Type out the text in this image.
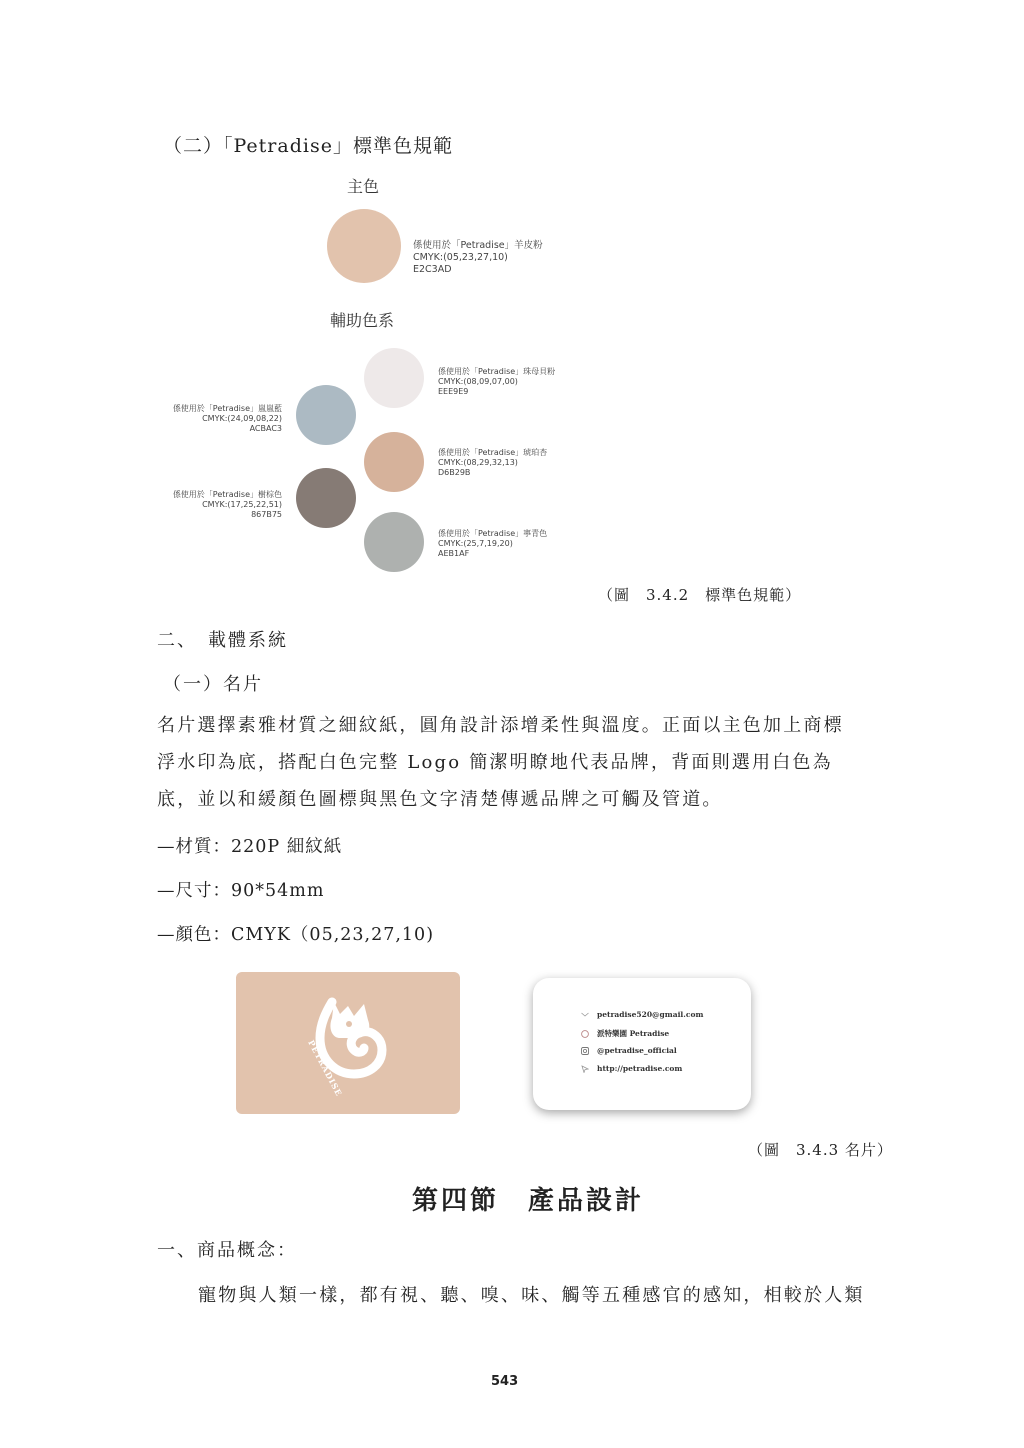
（二）「Petradise」標準色規範
主色
係使用於「Petradise」羊皮粉
CMYK:(05,23,27,10)
E2C3AD
輔助色系
係使用於「Petradise」珠母貝粉
CMYK:(08,09,07,00)
EEE9E9
係使用於「Petradise」嵐嵐藍
CMYK:(24,09,08,22)
ACBAC3
係使用於「Petradise」琥珀杏
CMYK:(08,29,32,13)
D6B29B
係使用於「Petradise」樹棕色
CMYK:(17,25,22,51)
867B75
係使用於「Petradise」寧青色
CMYK:(25,7,19,20)
AEB1AF
（圖　3.4.2　標準色規範）
二、　載體系統
（一）名片
名片選擇素雅材質之細紋紙，圓角設計添增柔性與溫度。正面以主色加上商標
浮水印為底，搭配白色完整 Logo 簡潔明瞭地代表品牌，背面則選用白色為
底，並以和緩顏色圖標與黑色文字清楚傳遞品牌之可觸及管道。
—材質：220P 細紋紙
—尺寸：90*54mm
—顏色：CMYK（05,23,27,10)
PETRADISE
petradise520@gmail.com
派特樂園 Petradise
@petradise_official
http://petradise.com
（圖　3.4.3 名片）
第四節　產品設計
一、商品概念：
寵物與人類一樣，都有視、聽、嗅、味、觸等五種感官的感知，相較於人類
543
